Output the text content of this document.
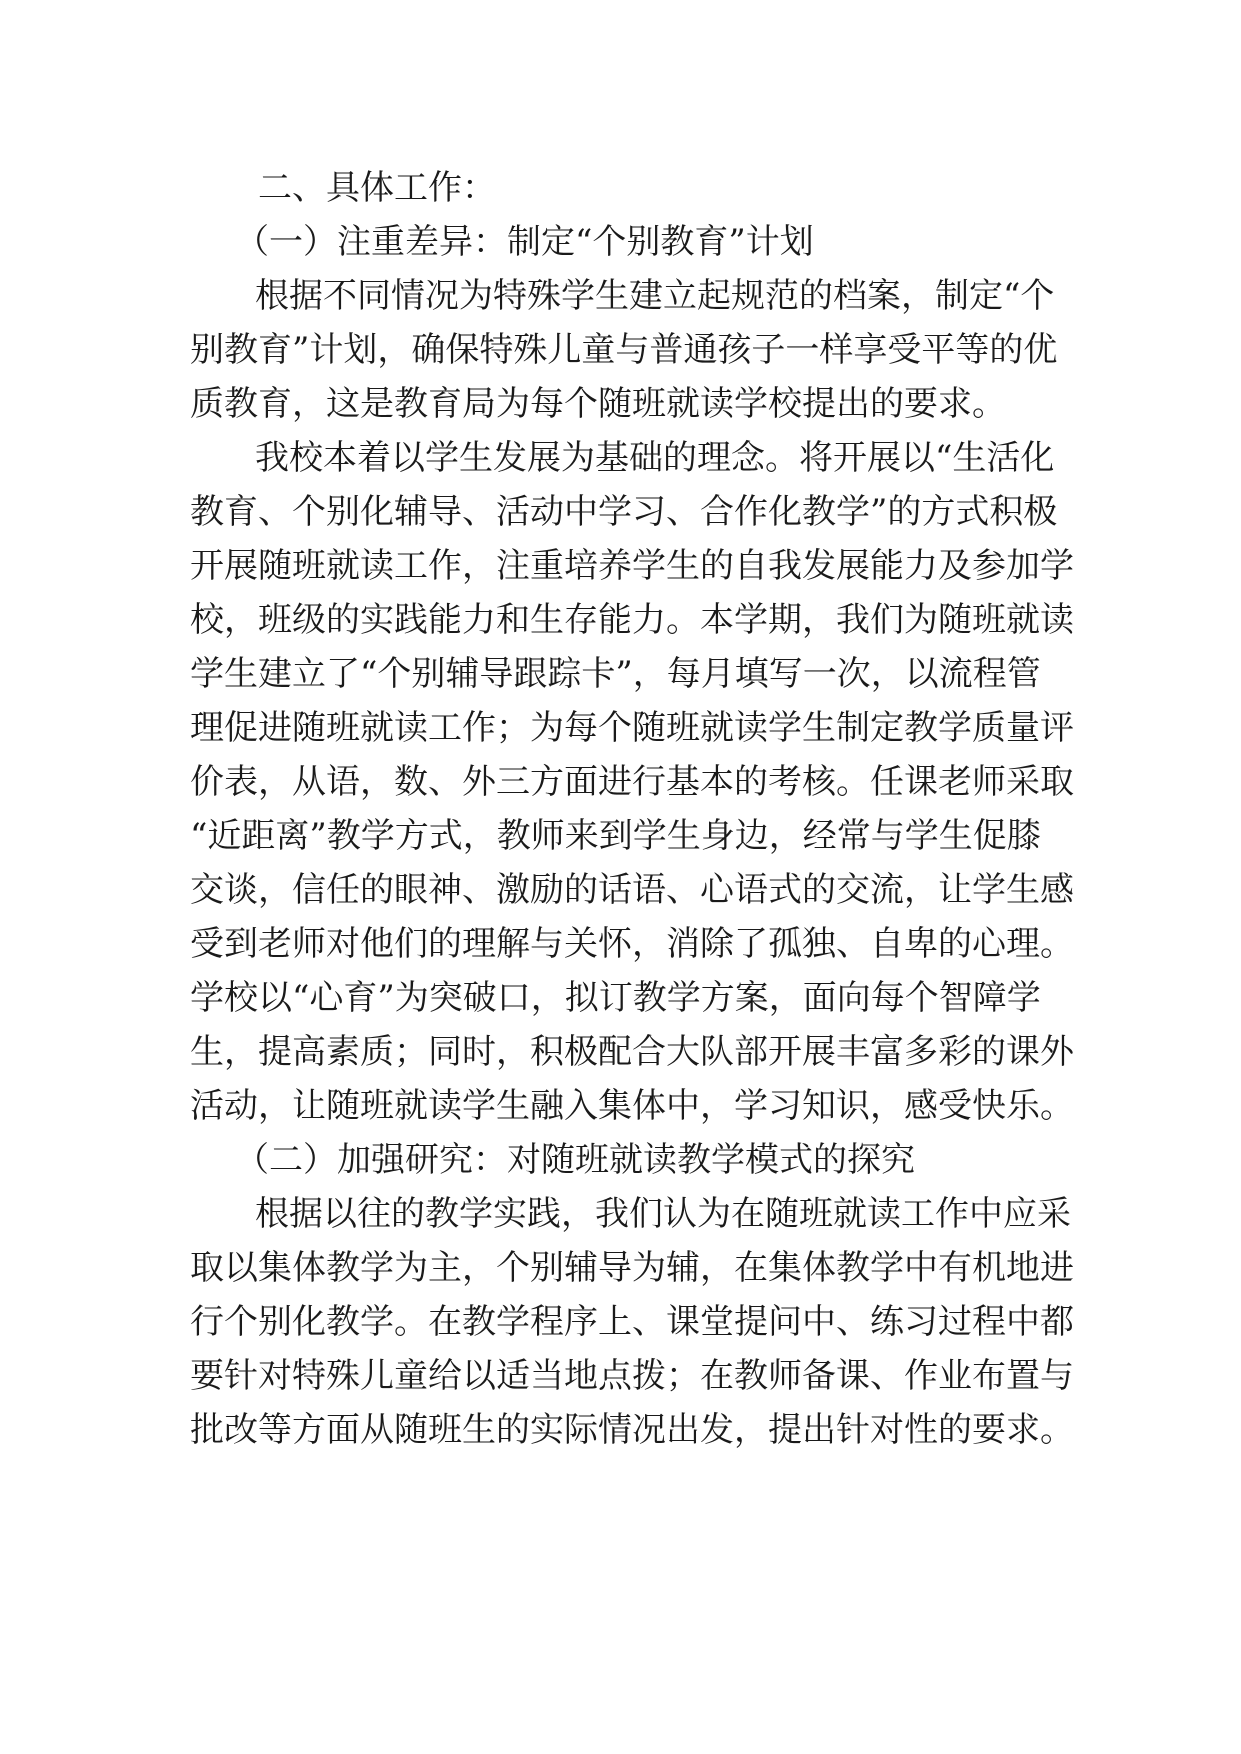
二、具体工作：
（一）注重差异：制定“个别教育”计划
根据不同情况为特殊学生建立起规范的档案，制定“个
别教育”计划，确保特殊儿童与普通孩子一样享受平等的优
质教育，这是教育局为每个随班就读学校提出的要求。
我校本着以学生发展为基础的理念。将开展以“生活化
教育、个别化辅导、活动中学习、合作化教学”的方式积极
开展随班就读工作，注重培养学生的自我发展能力及参加学
校，班级的实践能力和生存能力。本学期，我们为随班就读
学生建立了“个别辅导跟踪卡”，每月填写一次，以流程管
理促进随班就读工作；为每个随班就读学生制定教学质量评
价表，从语，数、外三方面进行基本的考核。任课老师采取
“近距离”教学方式，教师来到学生身边，经常与学生促膝
交谈，信任的眼神、激励的话语、心语式的交流，让学生感
受到老师对他们的理解与关怀，消除了孤独、自卑的心理。
学校以“心育”为突破口，拟订教学方案，面向每个智障学
生，提高素质；同时，积极配合大队部开展丰富多彩的课外
活动，让随班就读学生融入集体中，学习知识，感受快乐。
（二）加强研究：对随班就读教学模式的探究
根据以往的教学实践，我们认为在随班就读工作中应采
取以集体教学为主，个别辅导为辅，在集体教学中有机地进
行个别化教学。在教学程序上、课堂提问中、练习过程中都
要针对特殊儿童给以适当地点拨；在教师备课、作业布置与
批改等方面从随班生的实际情况出发，提出针对性的要求。
